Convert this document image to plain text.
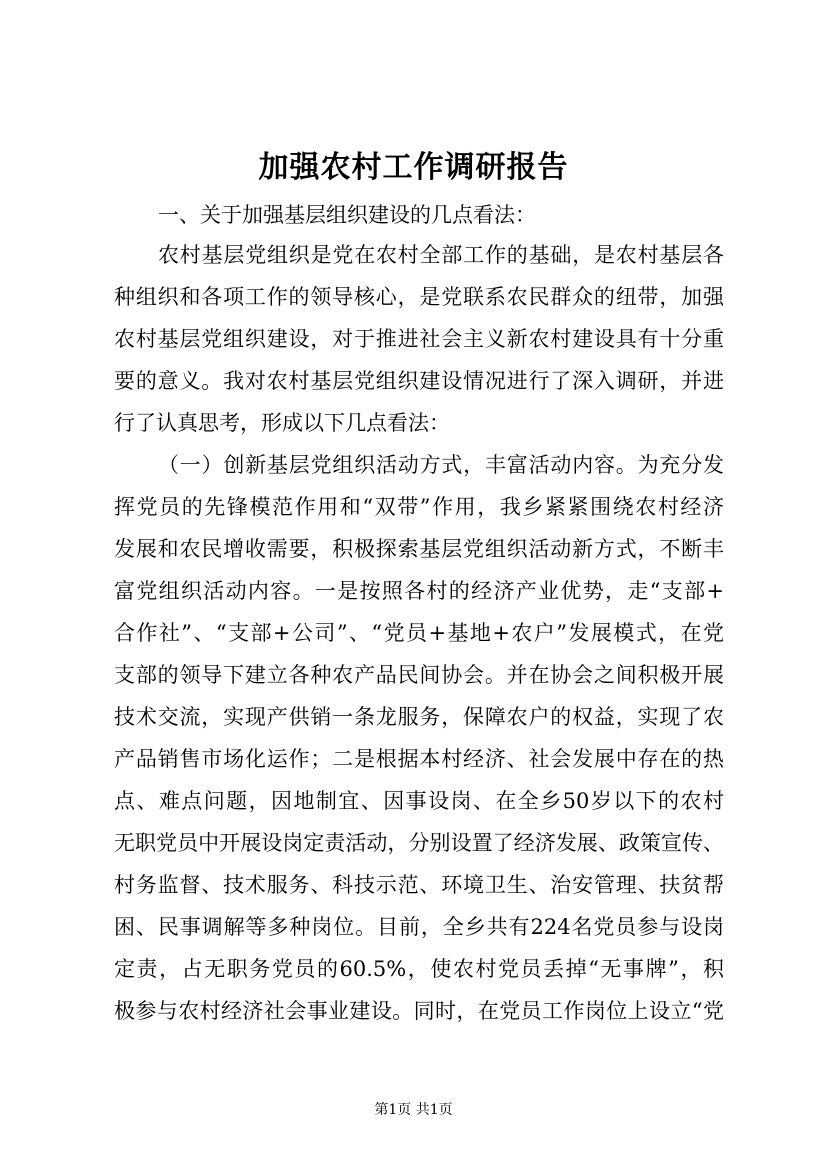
加强农村工作调研报告

一、关于加强基层组织建设的几点看法：

农村基层党组织是党在农村全部工作的基础，是农村基层各
种组织和各项工作的领导核心，是党联系农民群众的纽带，加强
农村基层党组织建设，对于推进社会主义新农村建设具有十分重
要的意义。我对农村基层党组织建设情况进行了深入调研，并进
行了认真思考，形成以下几点看法：
（一）创新基层党组织活动方式，丰富活动内容。为充分发
挥党员的先锋模范作用和“双带”作用，我乡紧紧围绕农村经济
发展和农民增收需要，积极探索基层党组织活动新方式，不断丰
富党组织活动内容。一是按照各村的经济产业优势，走“支部+
合作社”、“支部+公司”、“党员+基地+农户”发展模式，在党
支部的领导下建立各种农产品民间协会。并在协会之间积极开展
技术交流，实现产供销一条龙服务，保障农户的权益，实现了农
产品销售市场化运作；二是根据本村经济、社会发展中存在的热
点、难点问题，因地制宜、因事设岗、在全乡50岁以下的农村
无职党员中开展设岗定责活动，分别设置了经济发展、政策宣传、
村务监督、技术服务、科技示范、环境卫生、治安管理、扶贫帮
困、民事调解等多种岗位。目前，全乡共有224名党员参与设岗
定责，占无职务党员的60.5%，使农村党员丢掉“无事牌”，积
极参与农村经济社会事业建设。同时，在党员工作岗位上设立“党
第1页 共1页
